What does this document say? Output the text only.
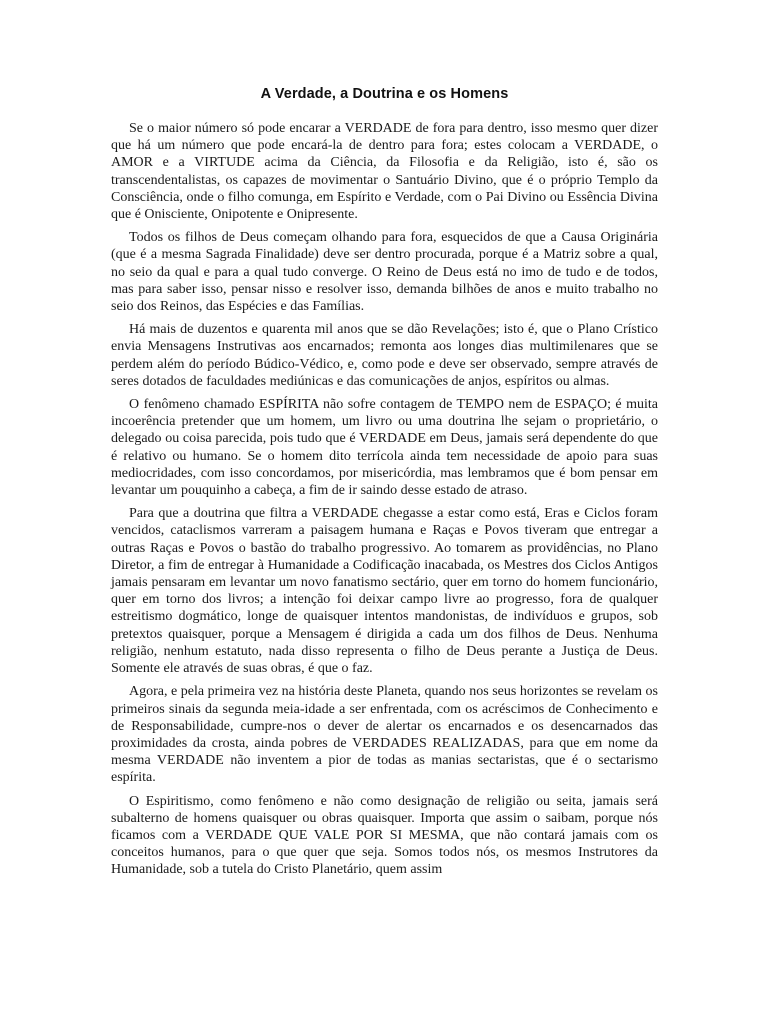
A Verdade, a Doutrina e os Homens

Se o maior número só pode encarar a VERDADE de fora para dentro, isso mesmo quer dizer que há um número que pode encará-la de dentro para fora; estes colocam a VERDADE, o AMOR e a VIRTUDE acima da Ciência, da Filosofia e da Religião, isto é, são os transcendentalistas, os capazes de movimentar o Santuário Divino, que é o próprio Templo da Consciência, onde o filho comunga, em Espírito e Verdade, com o Pai Divino ou Essência Divina que é Onisciente, Onipotente e Onipresente.

Todos os filhos de Deus começam olhando para fora, esquecidos de que a Causa Originária (que é a mesma Sagrada Finalidade) deve ser dentro procurada, porque é a Matriz sobre a qual, no seio da qual e para a qual tudo converge. O Reino de Deus está no imo de tudo e de todos, mas para saber isso, pensar nisso e resolver isso, demanda bilhões de anos e muito trabalho no seio dos Reinos, das Espécies e das Famílias.

Há mais de duzentos e quarenta mil anos que se dão Revelações; isto é, que o Plano Crístico envia Mensagens Instrutivas aos encarnados; remonta aos longes dias multimilenares que se perdem além do período Búdico-Védico, e, como pode e deve ser observado, sempre através de seres dotados de faculdades mediúnicas e das comunicações de anjos, espíritos ou almas.

O fenômeno chamado ESPÍRITA não sofre contagem de TEMPO nem de ESPAÇO; é muita incoerência pretender que um homem, um livro ou uma doutrina lhe sejam o proprietário, o delegado ou coisa parecida, pois tudo que é VERDADE em Deus, jamais será dependente do que é relativo ou humano. Se o homem dito terrícola ainda tem necessidade de apoio para suas mediocridades, com isso concordamos, por misericórdia, mas lembramos que é bom pensar em levantar um pouquinho a cabeça, a fim de ir saindo desse estado de atraso.

Para que a doutrina que filtra a VERDADE chegasse a estar como está, Eras e Ciclos foram vencidos, cataclismos varreram a paisagem humana e Raças e Povos tiveram que entregar a outras Raças e Povos o bastão do trabalho progressivo. Ao tomarem as providências, no Plano Diretor, a fim de entregar à Humanidade a Codificação inacabada, os Mestres dos Ciclos Antigos jamais pensaram em levantar um novo fanatismo sectário, quer em torno do homem funcionário, quer em torno dos livros; a intenção foi deixar campo livre ao progresso, fora de qualquer estreitismo dogmático, longe de quaisquer intentos mandonistas, de indivíduos e grupos, sob pretextos quaisquer, porque a Mensagem é dirigida a cada um dos filhos de Deus. Nenhuma religião, nenhum estatuto, nada disso representa o filho de Deus perante a Justiça de Deus. Somente ele através de suas obras, é que o faz.

Agora, e pela primeira vez na história deste Planeta, quando nos seus horizontes se revelam os primeiros sinais da segunda meia-idade a ser enfrentada, com os acréscimos de Conhecimento e de Responsabilidade, cumpre-nos o dever de alertar os encarnados e os desencarnados das proximidades da crosta, ainda pobres de VERDADES REALIZADAS, para que em nome da mesma VERDADE não inventem a pior de todas as manias sectaristas, que é o sectarismo espírita.

O Espiritismo, como fenômeno e não como designação de religião ou seita, jamais será subalterno de homens quaisquer ou obras quaisquer. Importa que assim o saibam, porque nós ficamos com a VERDADE QUE VALE POR SI MESMA, que não contará jamais com os conceitos humanos, para o que quer que seja. Somos todos nós, os mesmos Instrutores da Humanidade, sob a tutela do Cristo Planetário, quem assim
